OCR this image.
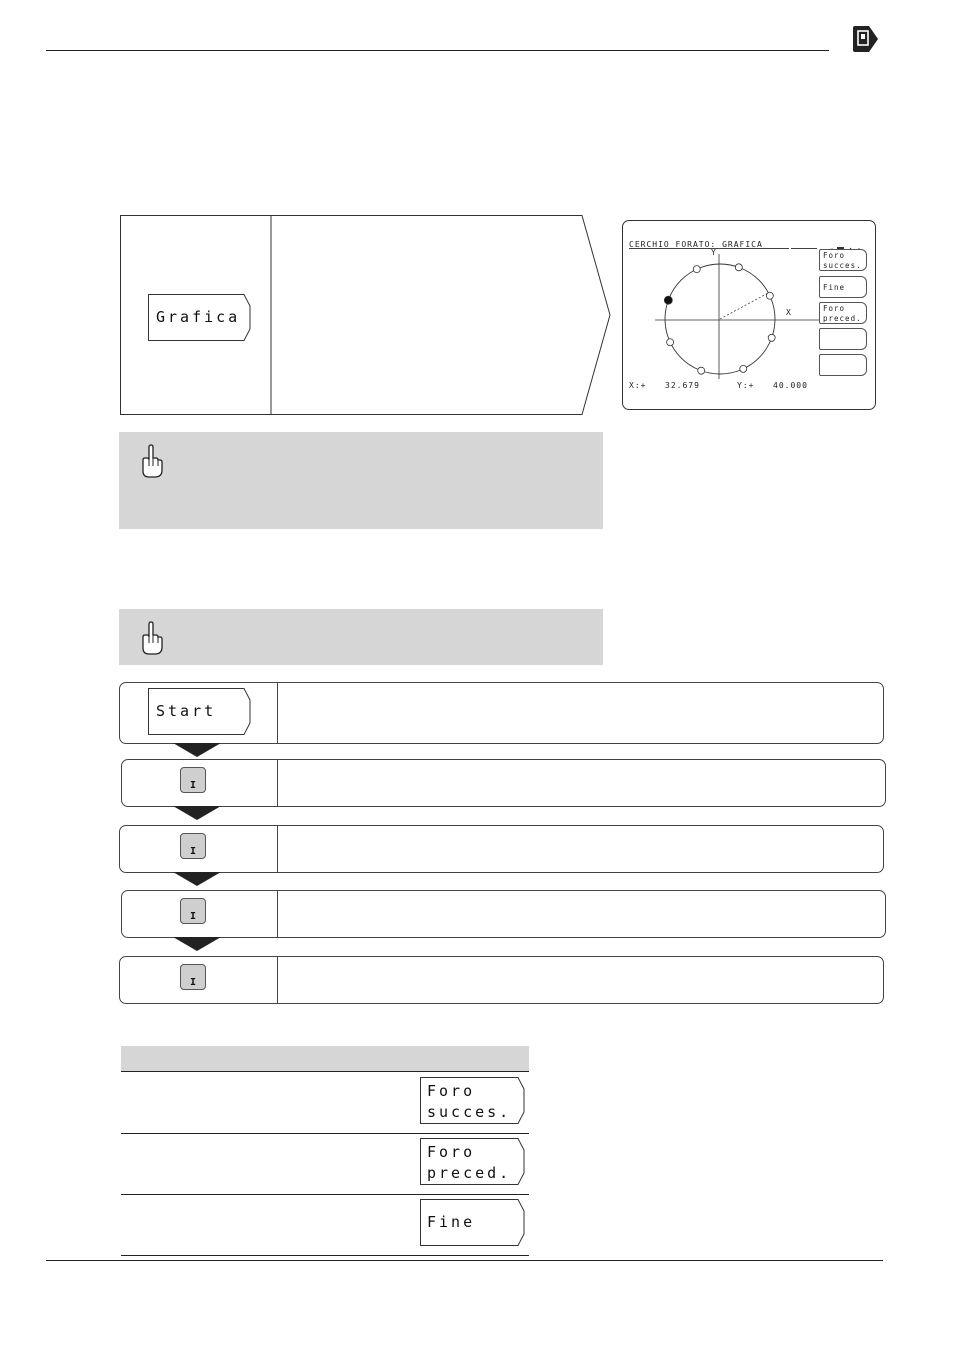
Grafica
CERCHIO FORATO: GRAFICA
Y
X
Foro
succes.
Fine
Foro
preced.
X:+ 32.679	Y:+ 40.000
Start
I
I
I
I
Foro
succes.
Foro
preced.
Fine
